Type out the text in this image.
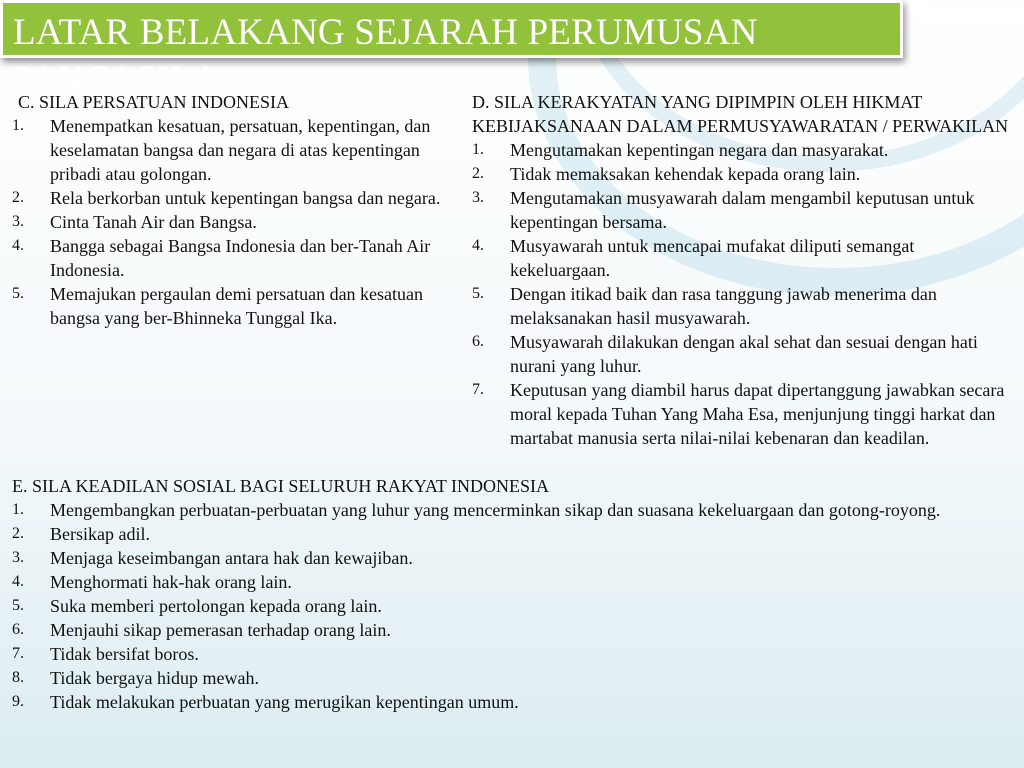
LATAR BELAKANG SEJARAH PERUMUSAN PANCASILA

C. SILA PERSATUAN INDONESIA

1. Menempatkan kesatuan, persatuan, kepentingan, dan keselamatan bangsa dan negara di atas kepentingan pribadi atau golongan.
2. Rela berkorban untuk kepentingan bangsa dan negara.
3. Cinta Tanah Air dan Bangsa.
4. Bangga sebagai Bangsa Indonesia dan ber-Tanah Air Indonesia.
5. Memajukan pergaulan demi persatuan dan kesatuan bangsa yang ber-Bhinneka Tunggal Ika.

D. SILA KERAKYATAN YANG DIPIMPIN OLEH HIKMAT KEBIJAKSANAAN DALAM PERMUSYAWARATAN / PERWAKILAN

1. Mengutamakan kepentingan negara dan masyarakat.
2. Tidak memaksakan kehendak kepada orang lain.
3. Mengutamakan musyawarah dalam mengambil keputusan untuk kepentingan bersama.
4. Musyawarah untuk mencapai mufakat diliputi semangat kekeluargaan.
5. Dengan itikad baik dan rasa tanggung jawab menerima dan melaksanakan hasil musyawarah.
6. Musyawarah dilakukan dengan akal sehat dan sesuai dengan hati nurani yang luhur.
7. Keputusan yang diambil harus dapat dipertanggung jawabkan secara moral kepada Tuhan Yang Maha Esa, menjunjung tinggi harkat dan martabat manusia serta nilai-nilai kebenaran dan keadilan.

E. SILA KEADILAN SOSIAL BAGI SELURUH RAKYAT INDONESIA

1. Mengembangkan perbuatan-perbuatan yang luhur yang mencerminkan sikap dan suasana kekeluargaan dan gotong-royong.
2. Bersikap adil.
3. Menjaga keseimbangan antara hak dan kewajiban.
4. Menghormati hak-hak orang lain.
5. Suka memberi pertolongan kepada orang lain.
6. Menjauhi sikap pemerasan terhadap orang lain.
7. Tidak bersifat boros.
8. Tidak bergaya hidup mewah.
9. Tidak melakukan perbuatan yang merugikan kepentingan umum.
